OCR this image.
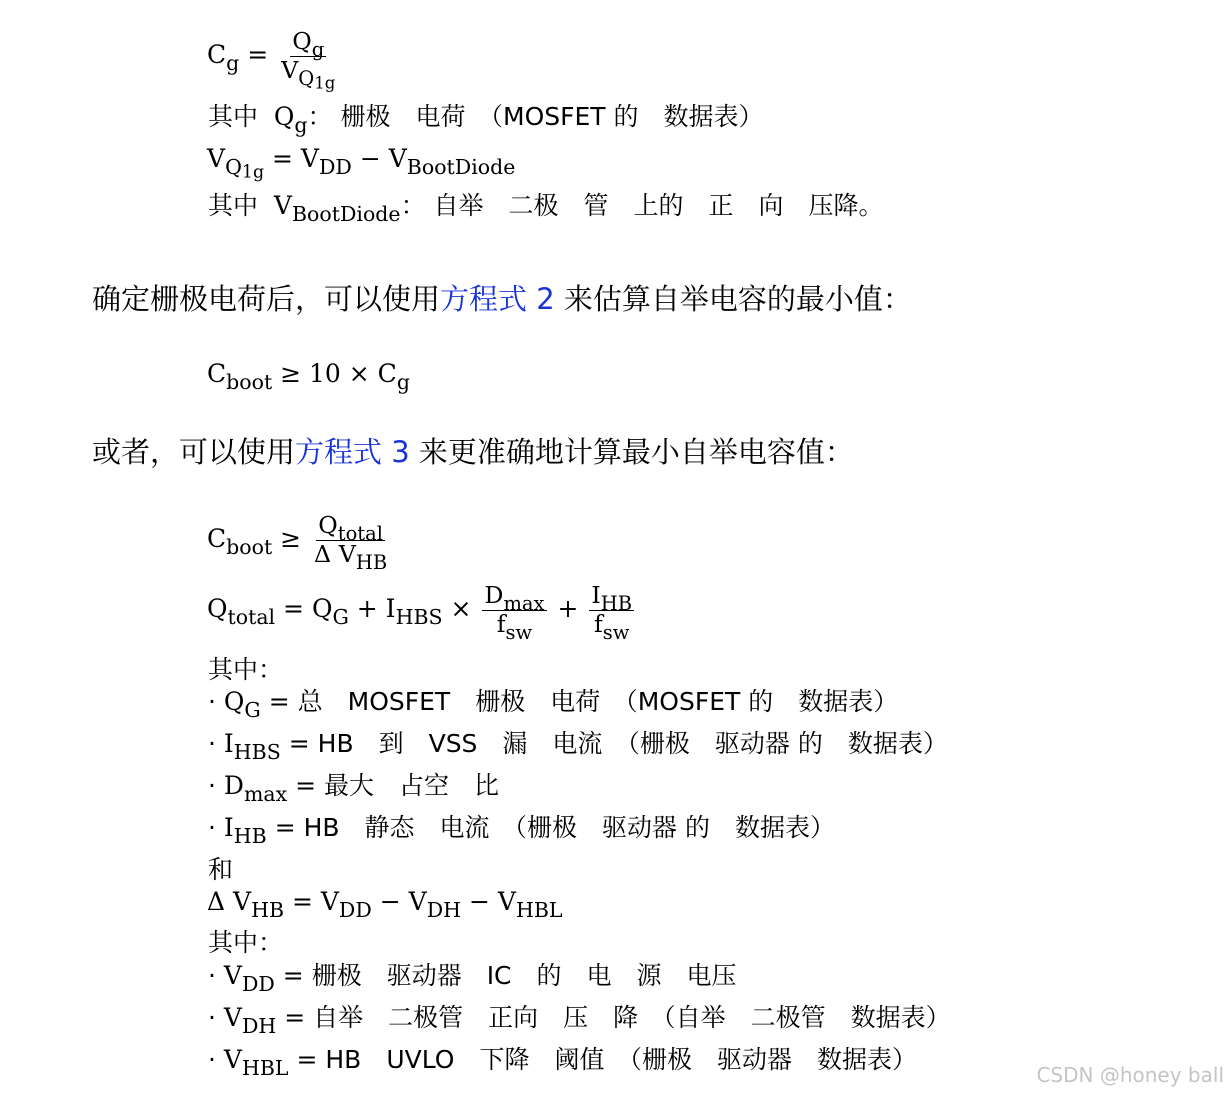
$C_g = \frac{Q_g}{V_{Q_{1g}}}$
其中 $Q_g$： 栅极　电荷　（MOSFET 的　数据表）
$V_{Q_{1g}} = V_{DD} - V_{BootDiode}$
其中 $V_{BootDiode}$： 自举　二极　管　上的　正　向　压降。
确定栅极电荷后，可以使用方程式 2 来估算自举电容的最小值：
$C_{boot} \ge 10 \times C_g$
或者，可以使用方程式 3 来更准确地计算最小自举电容值：
$C_{boot} \ge \frac{Q_{total}}{\Delta V_{HB}}$
$Q_{total} = Q_G + I_{HBS} \times \frac{D_{max}}{f_{sw}} + \frac{I_{HB}}{f_{sw}}$
其中：
· $Q_G$ = 总　MOSFET　栅极　电荷　（MOSFET 的　数据表）
· $I_{HBS}$ = HB　到　VSS　漏　电流　（栅极　驱动器 的　数据表）
· $D_{max}$ = 最大　占空　比
· $I_{HB}$ = HB　静态　电流　（栅极　驱动器 的　数据表）
和
Δ $V_{HB} = V_{DD} - V_{DH} - V_{HBL}$
其中：
· $V_{DD}$ = 栅极　驱动器　IC　的　电　源　电压
· $V_{DH}$ = 自举　二极管　正向　压　降　（自举　二极管　数据表）
· $V_{HBL}$ = HB　UVLO　下降　阈值　（栅极　驱动器　数据表）
CSDN @honey ball
